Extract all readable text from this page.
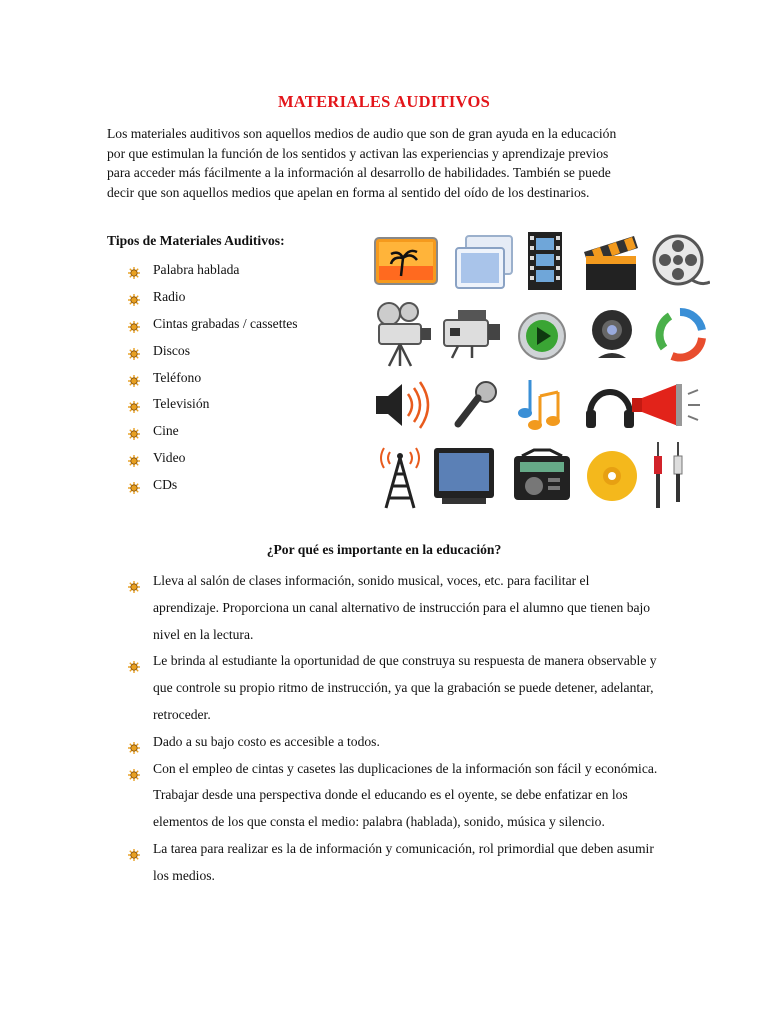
MATERIALES AUDITIVOS

Los materiales auditivos son aquellos medios de audio que son de gran ayuda en la educación por que estimulan la función de los sentidos y activan las experiencias y aprendizaje previos para acceder más fácilmente a la información al desarrollo de habilidades. También se puede decir que son aquellos medios que apelan en forma al sentido del oído de los destinarios.

Tipos de Materiales Auditivos:
Palabra hablada
Radio
Cintas grabadas / cassettes
Discos
Teléfono
Televisión
Cine
Video
CDs
¿Por qué es importante en la educación?
Lleva al salón de clases información, sonido musical, voces, etc. para facilitar el aprendizaje. Proporciona un canal alternativo de instrucción para el alumno que tienen bajo nivel en la lectura.
Le brinda al estudiante la oportunidad de que construya su respuesta de manera observable y que controle su propio ritmo de instrucción, ya que la grabación se puede detener, adelantar, retroceder.
Dado a su bajo costo es accesible a todos.
Con el empleo de cintas y casetes las duplicaciones de la información son fácil y económica. Trabajar desde una perspectiva donde el educando es el oyente, se debe enfatizar en los elementos de los que consta el medio: palabra (hablada), sonido, música y silencio.
La tarea para realizar es la de información y comunicación, rol primordial que deben asumir los medios.
